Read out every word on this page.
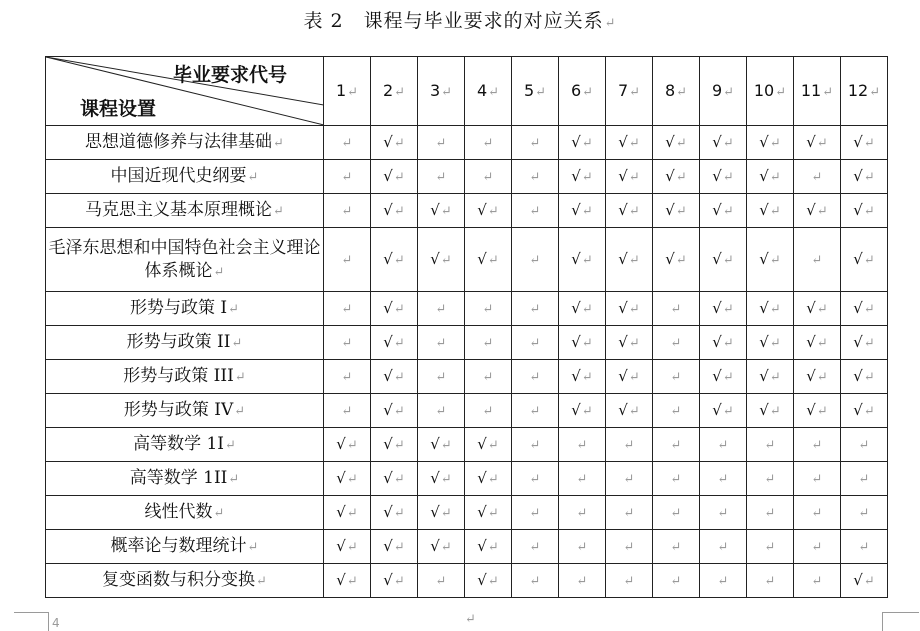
表 2　课程与毕业要求的对应关系↵
毕业要求代号
课程设置	1↵	2↵	3↵	4↵	5↵	6↵	7↵	8↵	9↵	10↵	11↵	12↵
思想道德修养与法律基础↵	↵	√↵	↵	↵	↵	√↵	√↵	√↵	√↵	√↵	√↵	√↵
中国近现代史纲要↵	↵	√↵	↵	↵	↵	√↵	√↵	√↵	√↵	√↵	↵	√↵
马克思主义基本原理概论↵	↵	√↵	√↵	√↵	↵	√↵	√↵	√↵	√↵	√↵	√↵	√↵
毛泽东思想和中国特色社会主义理论体系概论↵	↵	√↵	√↵	√↵	↵	√↵	√↵	√↵	√↵	√↵	↵	√↵
形势与政策 I↵	↵	√↵	↵	↵	↵	√↵	√↵	↵	√↵	√↵	√↵	√↵
形势与政策 II↵	↵	√↵	↵	↵	↵	√↵	√↵	↵	√↵	√↵	√↵	√↵
形势与政策 III↵	↵	√↵	↵	↵	↵	√↵	√↵	↵	√↵	√↵	√↵	√↵
形势与政策 IV↵	↵	√↵	↵	↵	↵	√↵	√↵	↵	√↵	√↵	√↵	√↵
高等数学 1I↵	√↵	√↵	√↵	√↵	↵	↵	↵	↵	↵	↵	↵	↵
高等数学 1II↵	√↵	√↵	√↵	√↵	↵	↵	↵	↵	↵	↵	↵	↵
线性代数↵	√↵	√↵	√↵	√↵	↵	↵	↵	↵	↵	↵	↵	↵
概率论与数理统计↵	√↵	√↵	√↵	√↵	↵	↵	↵	↵	↵	↵	↵	↵
复变函数与积分变换↵	√↵	√↵	↵	√↵	↵	↵	↵	↵	↵	↵	↵	√↵
4	↵
